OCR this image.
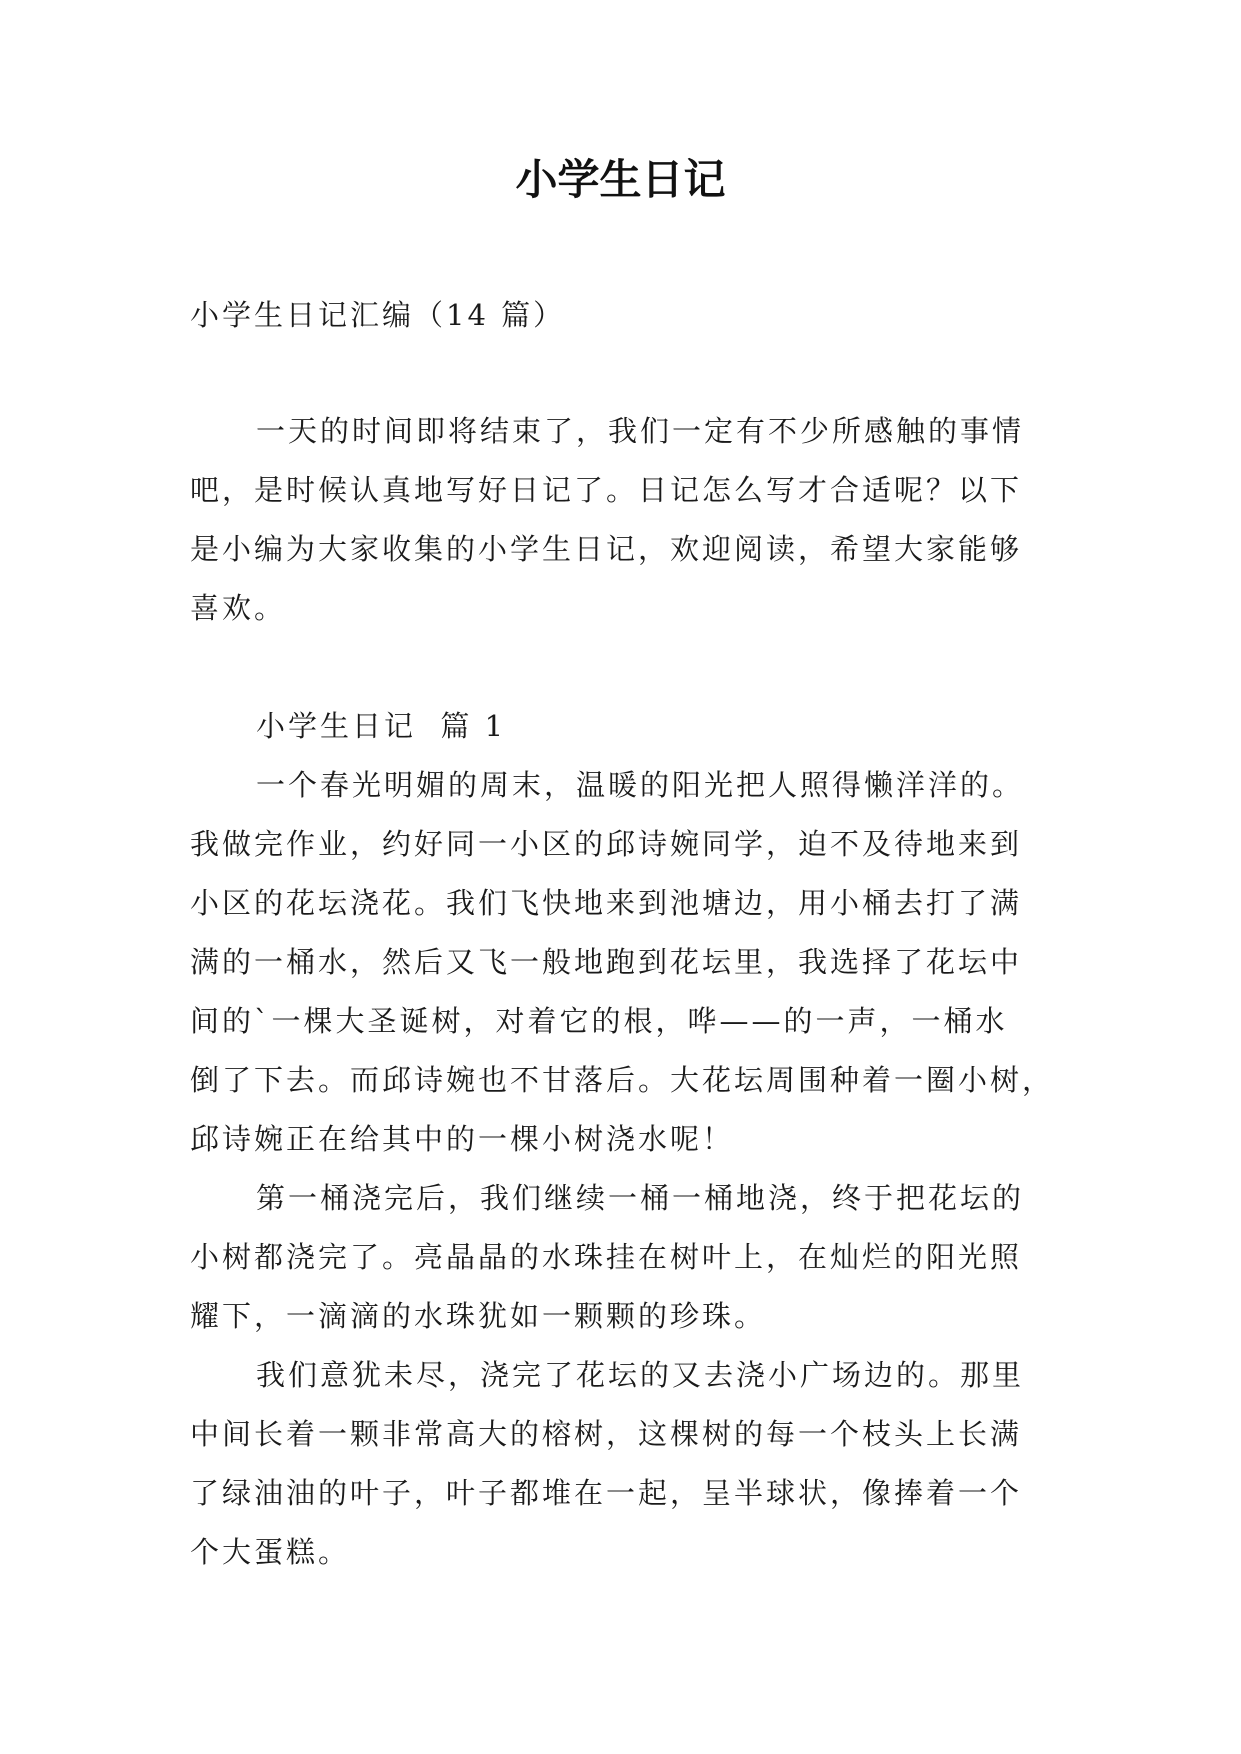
小学生日记

小学生日记汇编（14 篇）

一天的时间即将结束了，我们一定有不少所感触的事情
吧，是时候认真地写好日记了。日记怎么写才合适呢？以下
是小编为大家收集的小学生日记，欢迎阅读，希望大家能够
喜欢。

小学生日记  篇 1
一个春光明媚的周末，温暖的阳光把人照得懒洋洋的。
我做完作业，约好同一小区的邱诗婉同学，迫不及待地来到
小区的花坛浇花。我们飞快地来到池塘边，用小桶去打了满
满的一桶水，然后又飞一般地跑到花坛里，我选择了花坛中
间的`一棵大圣诞树，对着它的根，哗——的一声，一桶水
倒了下去。而邱诗婉也不甘落后。大花坛周围种着一圈小树，
邱诗婉正在给其中的一棵小树浇水呢！
第一桶浇完后，我们继续一桶一桶地浇，终于把花坛的
小树都浇完了。亮晶晶的水珠挂在树叶上，在灿烂的阳光照
耀下，一滴滴的水珠犹如一颗颗的珍珠。
我们意犹未尽，浇完了花坛的又去浇小广场边的。那里
中间长着一颗非常高大的榕树，这棵树的每一个枝头上长满
了绿油油的叶子，叶子都堆在一起，呈半球状，像捧着一个
个大蛋糕。
